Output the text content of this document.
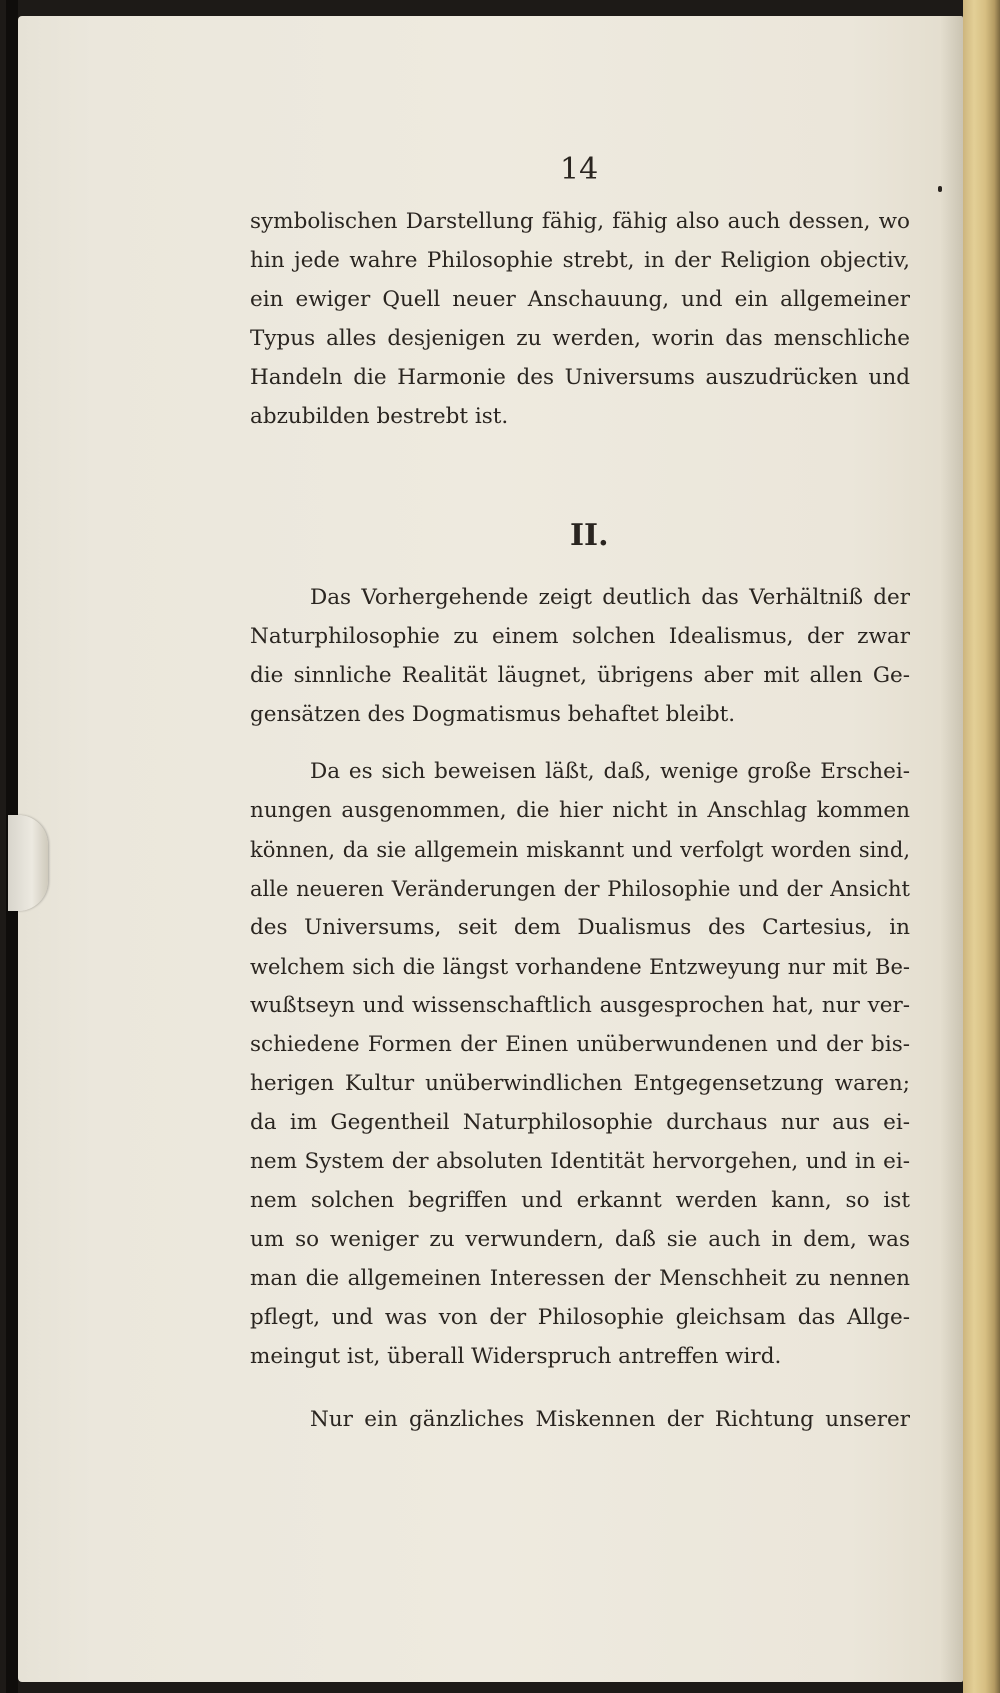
14
symbolischen Darstellung fähig, fähig also auch dessen, wo
hin jede wahre Philosophie strebt, in der Religion objectiv,
ein ewiger Quell neuer Anschauung, und ein allgemeiner
Typus alles desjenigen zu werden, worin das menschliche
Handeln die Harmonie des Universums auszudrücken und
abzubilden bestrebt ist.
II.
Das Vorhergehende zeigt deutlich das Verhältniß der
Naturphilosophie zu einem solchen Idealismus, der zwar
die sinnliche Realität läugnet, übrigens aber mit allen Ge-
gensätzen des Dogmatismus behaftet bleibt.
Da es sich beweisen läßt, daß, wenige große Erschei-
nungen ausgenommen, die hier nicht in Anschlag kommen
können, da sie allgemein miskannt und verfolgt worden sind,
alle neueren Veränderungen der Philosophie und der Ansicht
des Universums, seit dem Dualismus des Cartesius, in
welchem sich die längst vorhandene Entzweyung nur mit Be-
wußtseyn und wissenschaftlich ausgesprochen hat, nur ver-
schiedene Formen der Einen unüberwundenen und der bis-
herigen Kultur unüberwindlichen Entgegensetzung waren;
da im Gegentheil Naturphilosophie durchaus nur aus ei-
nem System der absoluten Identität hervorgehen, und in ei-
nem solchen begriffen und erkannt werden kann, so ist
um so weniger zu verwundern, daß sie auch in dem, was
man die allgemeinen Interessen der Menschheit zu nennen
pflegt, und was von der Philosophie gleichsam das Allge-
meingut ist, überall Widerspruch antreffen wird.
Nur ein gänzliches Miskennen der Richtung unserer
